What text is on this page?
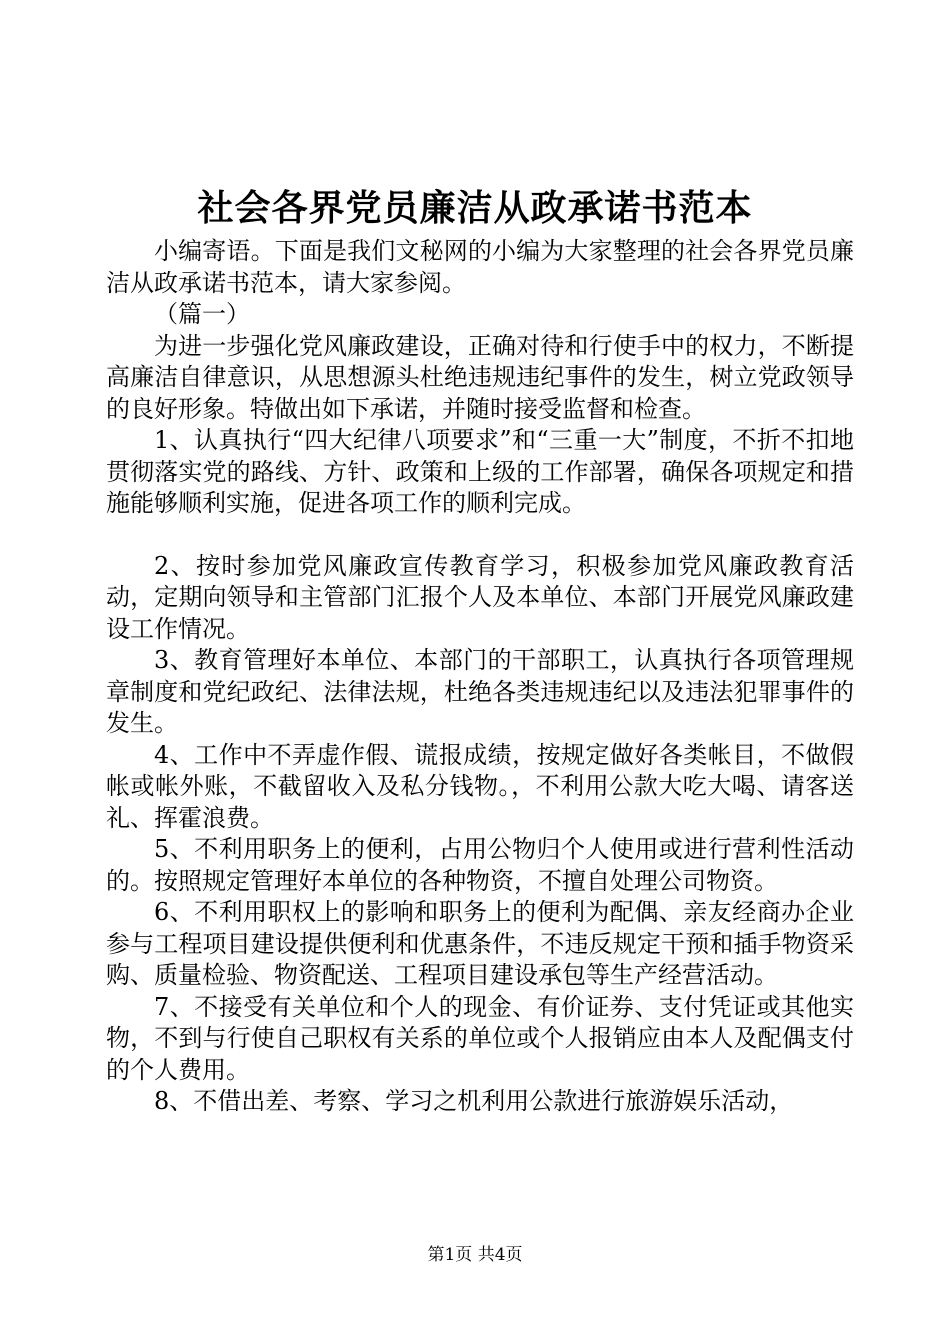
社会各界党员廉洁从政承诺书范本

小编寄语。下面是我们文秘网的小编为大家整理的社会各界党员廉洁从政承诺书范本，请大家参阅。

（篇一）

为进一步强化党风廉政建设，正确对待和行使手中的权力，不断提高廉洁自律意识，从思想源头杜绝违规违纪事件的发生，树立党政领导的良好形象。特做出如下承诺，并随时接受监督和检查。

1、认真执行“四大纪律八项要求”和“三重一大”制度，不折不扣地贯彻落实党的路线、方针、政策和上级的工作部署，确保各项规定和措施能够顺利实施，促进各项工作的顺利完成。

2、按时参加党风廉政宣传教育学习，积极参加党风廉政教育活动，定期向领导和主管部门汇报个人及本单位、本部门开展党风廉政建设工作情况。

3、教育管理好本单位、本部门的干部职工，认真执行各项管理规章制度和党纪政纪、法律法规，杜绝各类违规违纪以及违法犯罪事件的发生。

4、工作中不弄虚作假、谎报成绩，按规定做好各类帐目，不做假帐或帐外账，不截留收入及私分钱物。，不利用公款大吃大喝、请客送礼、挥霍浪费。

5、不利用职务上的便利，占用公物归个人使用或进行营利性活动的。按照规定管理好本单位的各种物资，不擅自处理公司物资。

6、不利用职权上的影响和职务上的便利为配偶、亲友经商办企业参与工程项目建设提供便利和优惠条件，不违反规定干预和插手物资采购、质量检验、物资配送、工程项目建设承包等生产经营活动。

7、不接受有关单位和个人的现金、有价证券、支付凭证或其他实物，不到与行使自己职权有关系的单位或个人报销应由本人及配偶支付的个人费用。

8、不借出差、考察、学习之机利用公款进行旅游娱乐活动，

第1页 共4页
